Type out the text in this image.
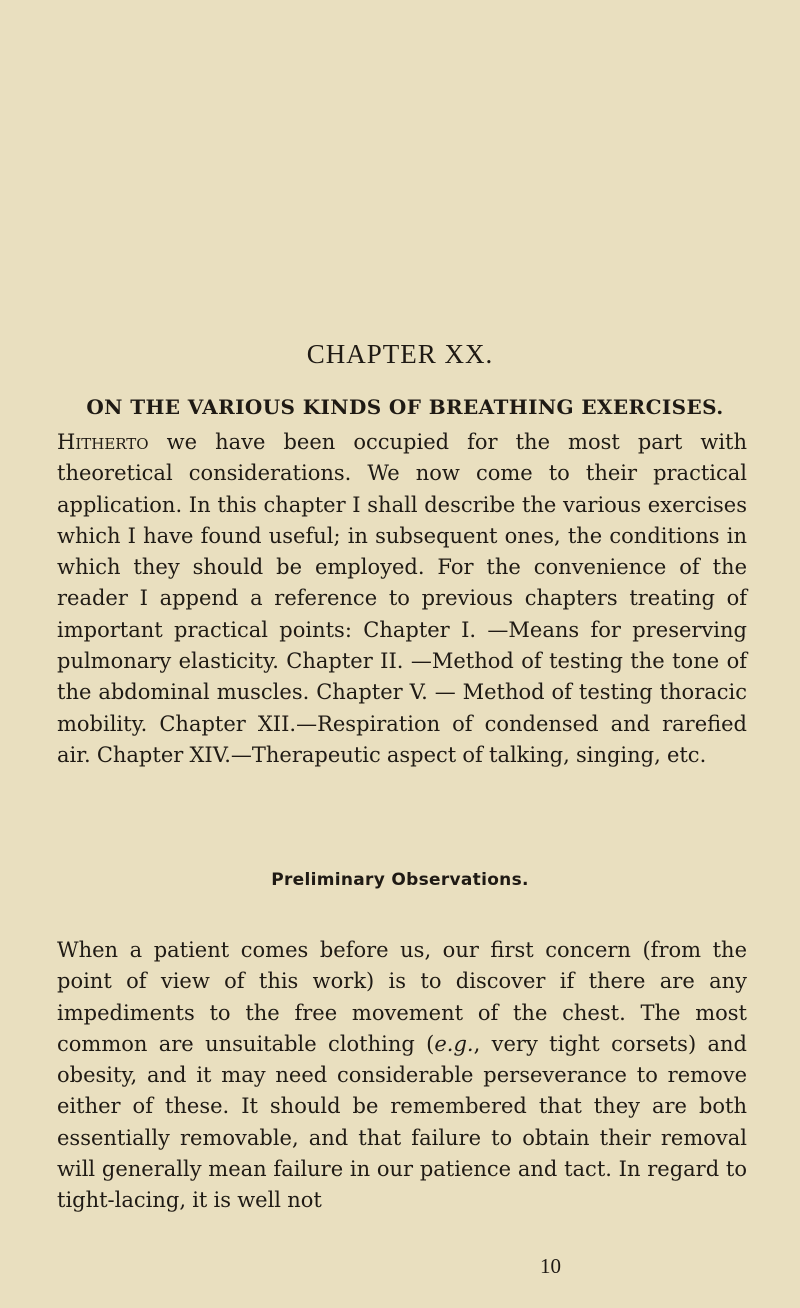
CHAPTER XX.
ON THE VARIOUS KINDS OF BREATHING EXERCISES.

Hitherto we have been occupied for the most part with theoretical considerations. We now come to their practical application. In this chapter I shall describe the various exercises which I have found useful; in subsequent ones, the conditions in which they should be employed. For the convenience of the reader I append a reference to previous chapters treating of important practical points: Chapter I. —Means for preserving pulmonary elasticity. Chapter II. —Method of testing the tone of the abdominal muscles. Chapter V. — Method of testing thoracic mobility. Chapter XII.—Respiration of condensed and rarefied air. Chapter XIV.—Therapeutic aspect of talking, singing, etc.

Preliminary Observations.

When a patient comes before us, our first concern (from the point of view of this work) is to discover if there are any impediments to the free movement of the chest. The most common are unsuitable clothing (e.g., very tight corsets) and obesity, and it may need considerable perseverance to remove either of these. It should be remembered that they are both essentially removable, and that failure to obtain their removal will generally mean failure in our patience and tact. In regard to tight-lacing, it is well not

10
